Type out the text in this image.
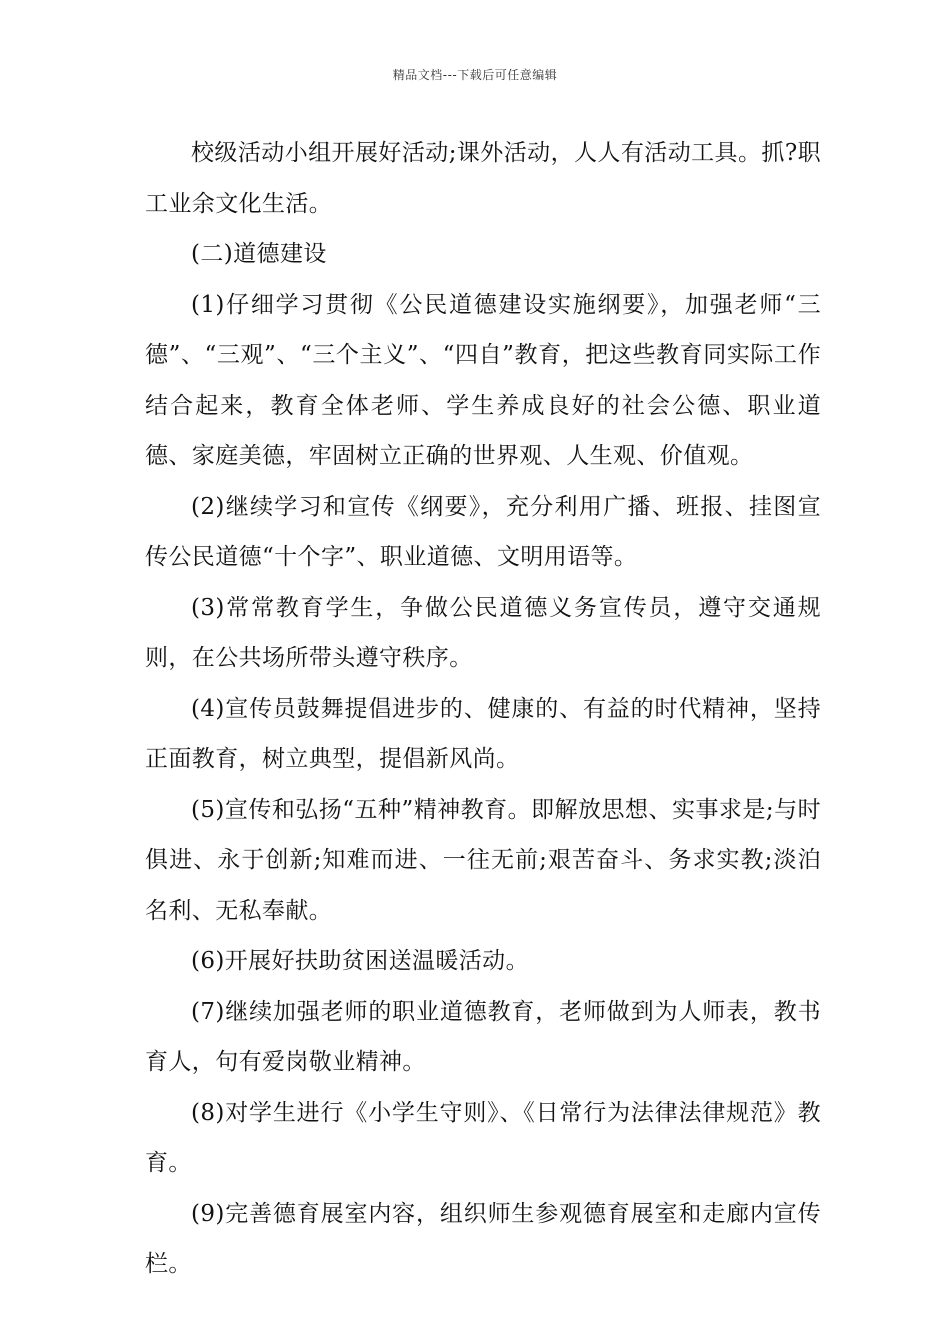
精品文档---下载后可任意编辑

校级活动小组开展好活动;课外活动，人人有活动工具。抓?职工业余文化生活。

(二)道德建设

(1)仔细学习贯彻《公民道德建设实施纲要》，加强老师“三德”、“三观”、“三个主义”、“四自”教育，把这些教育同实际工作结合起来，教育全体老师、学生养成良好的社会公德、职业道德、家庭美德，牢固树立正确的世界观、人生观、价值观。

(2)继续学习和宣传《纲要》，充分利用广播、班报、挂图宣传公民道德“十个字”、职业道德、文明用语等。

(3)常常教育学生，争做公民道德义务宣传员，遵守交通规则，在公共场所带头遵守秩序。

(4)宣传员鼓舞提倡进步的、健康的、有益的时代精神，坚持正面教育，树立典型，提倡新风尚。

(5)宣传和弘扬“五种”精神教育。即解放思想、实事求是;与时俱进、永于创新;知难而进、一往无前;艰苦奋斗、务求实教;淡泊名利、无私奉献。

(6)开展好扶助贫困送温暖活动。

(7)继续加强老师的职业道德教育，老师做到为人师表，教书育人，句有爱岗敬业精神。

(8)对学生进行《小学生守则》、《日常行为法律法律规范》教育。

(9)完善德育展室内容，组织师生参观德育展室和走廊内宣传栏。
